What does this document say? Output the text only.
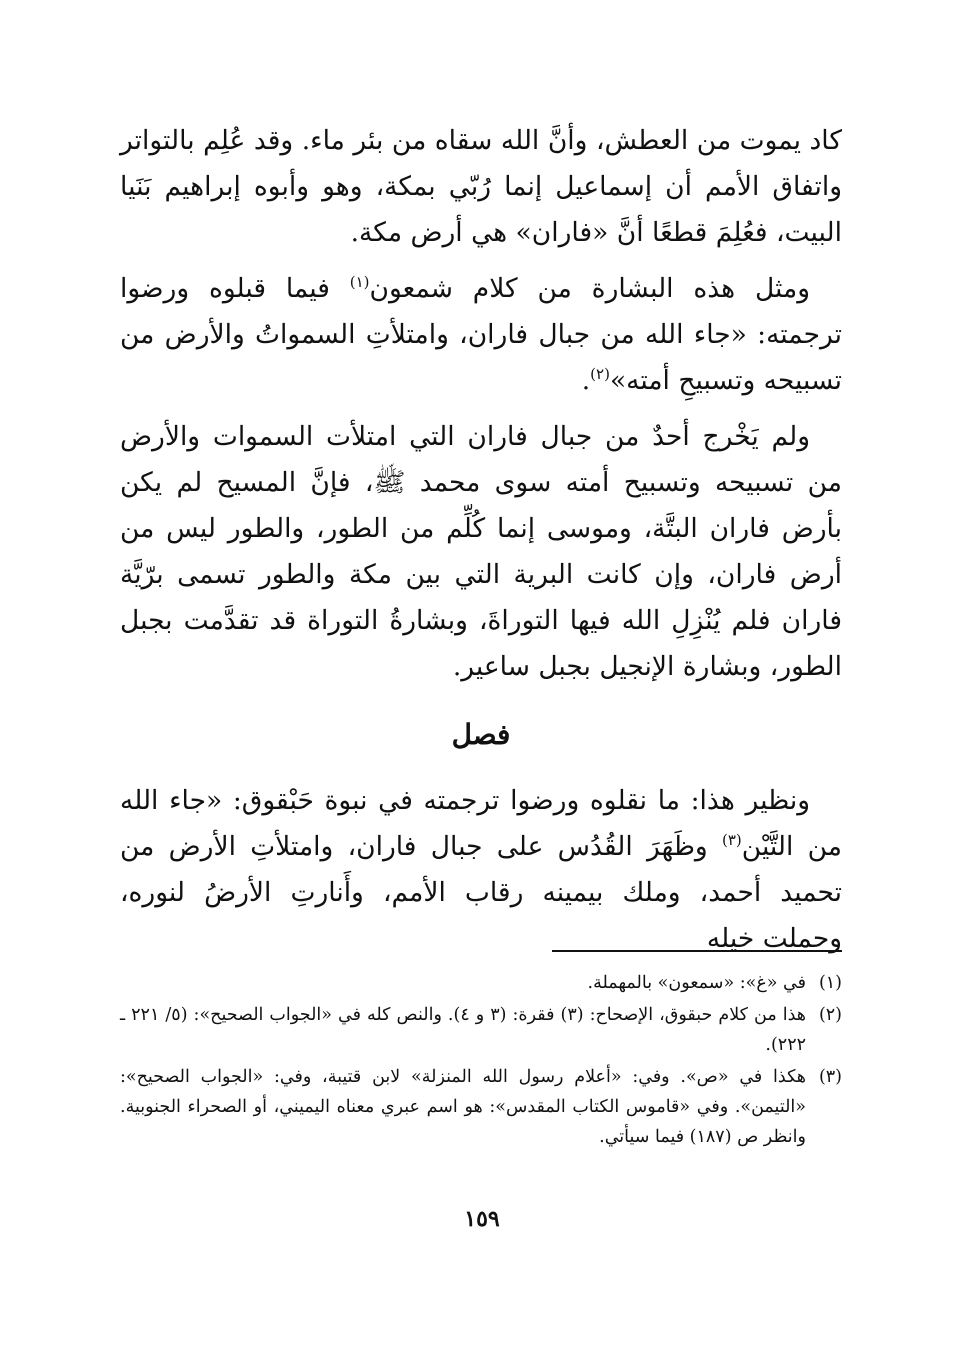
كاد يموت من العطش، وأنَّ الله سقاه من بئر ماء. وقد عُلِم بالتواتر واتفاق الأمم أن إسماعيل إنما رُبّي بمكة، وهو وأبوه إبراهيم بَنَيا البيت، فعُلِمَ قطعًا أنَّ «فاران» هي أرض مكة.

ومثل هذه البشارة من كلام شمعون$^{(١)}$ فيما قبلوه ورضوا ترجمته: «جاء الله من جبال فاران، وامتلأتِ السمواتُ والأرض من تسبيحه وتسبيحِ أمته»$^{(٢)}$.

ولم يَخْرج أحدٌ من جبال فاران التي امتلأت السموات والأرض من تسبيحه وتسبيح أمته سوى محمد ﷺ، فإنَّ المسيح لم يكن بأرض فاران البتَّة، وموسى إنما كُلِّم من الطور، والطور ليس من أرض فاران، وإن كانت البرية التي بين مكة والطور تسمى برّيَّة فاران فلم يُنْزِلِ الله فيها التوراةَ، وبشارةُ التوراة قد تقدَّمت بجبل الطور، وبشارة الإنجيل بجبل ساعير.

فصل

ونظير هذا: ما نقلوه ورضوا ترجمته في نبوة حَبْقوق: «جاء الله من التَّيْن$^{(٣)}$ وظَهَرَ القُدُس على جبال فاران، وامتلأتِ الأرض من تحميد أحمد، وملك بيمينه رقاب الأمم، وأَنارتِ الأرضُ لنوره، وحملت خيله

(١)
في «غ»: «سمعون» بالمهملة.
(٢)
هذا من كلام حبقوق، الإصحاح: (٣) فقرة: (٣ و ٤). والنص كله في «الجواب الصحيح»: (٥/ ٢٢١ ـ ٢٢٢).
(٣)
هكذا في «ص». وفي: «أعلام رسول الله المنزلة» لابن قتيبة، وفي: «الجواب الصحيح»: «التيمن». وفي «قاموس الكتاب المقدس»: هو اسم عبري معناه اليميني، أو الصحراء الجنوبية. وانظر ص (١٨٧) فيما سيأتي.
١٥٩
